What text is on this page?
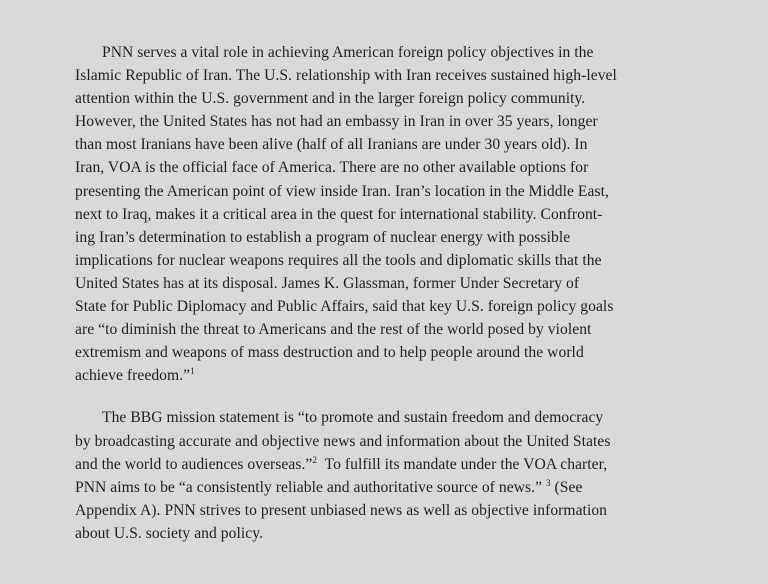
PNN serves a vital role in achieving American foreign policy objectives in the
Islamic Republic of Iran. The U.S. relationship with Iran receives sustained high-level
attention within the U.S. government and in the larger foreign policy community.
However, the United States has not had an embassy in Iran in over 35 years, longer
than most Iranians have been alive (half of all Iranians are under 30 years old). In
Iran, VOA is the official face of America. There are no other available options for
presenting the American point of view inside Iran. Iran’s location in the Middle East,
next to Iraq, makes it a critical area in the quest for international stability. Confront-
ing Iran’s determination to establish a program of nuclear energy with possible
implications for nuclear weapons requires all the tools and diplomatic skills that the
United States has at its disposal. James K. Glassman, former Under Secretary of
State for Public Diplomacy and Public Affairs, said that key U.S. foreign policy goals
are “to diminish the threat to Americans and the rest of the world posed by violent
extremism and weapons of mass destruction and to help people around the world
achieve freedom.”$^1$
The BBG mission statement is “to promote and sustain freedom and democracy
by broadcasting accurate and objective news and information about the United States
and the world to audiences overseas.”$^2$  To fulfill its mandate under the VOA charter,
PNN aims to be “a consistently reliable and authoritative source of news.” $^3$ (See
Appendix A). PNN strives to present unbiased news as well as objective information
about U.S. society and policy.
